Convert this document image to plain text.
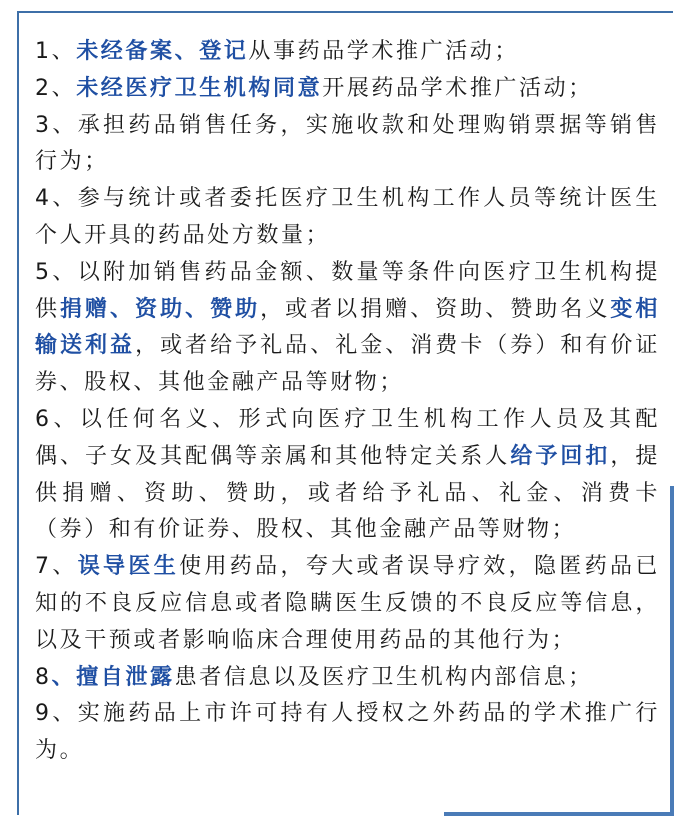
1、未经备案、登记从事药品学术推广活动；

2、未经医疗卫生机构同意开展药品学术推广活动；

3、承担药品销售任务，实施收款和处理购销票据等销售行为；

4、参与统计或者委托医疗卫生机构工作人员等统计医生个人开具的药品处方数量；

5、以附加销售药品金额、数量等条件向医疗卫生机构提供捐赠、资助、赞助，或者以捐赠、资助、赞助名义变相输送利益，或者给予礼品、礼金、消费卡（券）和有价证券、股权、其他金融产品等财物；

6、以任何名义、形式向医疗卫生机构工作人员及其配偶、子女及其配偶等亲属和其他特定关系人给予回扣，提供捐赠、资助、赞助，或者给予礼品、礼金、消费卡（券）和有价证券、股权、其他金融产品等财物；

7、误导医生使用药品，夸大或者误导疗效，隐匿药品已知的不良反应信息或者隐瞒医生反馈的不良反应等信息，以及干预或者影响临床合理使用药品的其他行为；

8、擅自泄露患者信息以及医疗卫生机构内部信息；

9、实施药品上市许可持有人授权之外药品的学术推广行为。
